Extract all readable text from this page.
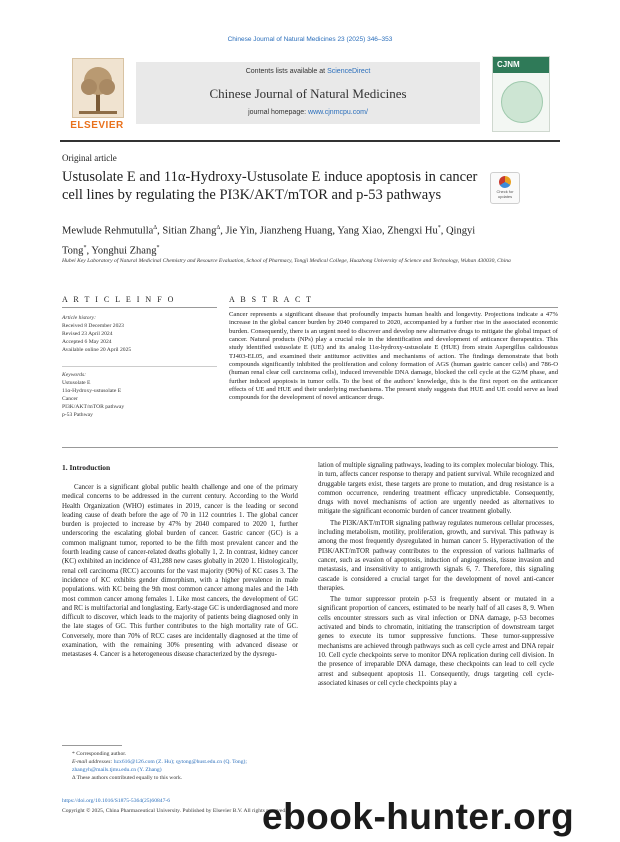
Chinese Journal of Natural Medicines 23 (2025) 346–353
ELSEVIER
Contents lists available at ScienceDirect
Chinese Journal of Natural Medicines
journal homepage: www.cjnmcpu.com/
CJNM
Original article
Ustusolate E and 11α-Hydroxy-Ustusolate E induce apoptosis in cancer cell lines by regulating the PI3K/AKT/mTOR and p-53 pathways	Check for updates
Mewlude Rehmutulla$^\Delta$, Sitian Zhang$^\Delta$, Jie Yin, Jianzheng Huang, Yang Xiao, Zhengxi Hu*, Qingyi Tong*, Yonghui Zhang*
Hubei Key Laboratory of Natural Medicinal Chemistry and Resource Evaluation, School of Pharmacy, Tongji Medical College, Huazhong University of Science and Technology, Wuhan 430030, China
A R T I C L E I N F O	A B S T R A C T
Article history:
Received 8 December 2023
Revised 23 April 2024
Accepted 6 May 2024
Available online 20 April 2025
Keywords:
Ustusolate E
11α-Hydroxy-ustusolate E
Cancer
PI3K/AKT/mTOR pathway
p-53 Pathway
Cancer represents a significant disease that profoundly impacts human health and longevity. Projections indicate a 47% increase in the global cancer burden by 2040 compared to 2020, accompanied by a further rise in the associated economic burden. Consequently, there is an urgent need to discover and develop new alternative drugs to mitigate the global impact of cancer. Natural products (NPs) play a crucial role in the identification and development of anticancer therapeutics. This study identified ustusolate E (UE) and its analog 11α-hydroxy-ustusolate E (HUE) from strain Aspergillus calidoustus TJ403-EL05, and examined their antitumor activities and mechanisms of action. The findings demonstrate that both compounds significantly inhibited the proliferation and colony formation of AGS (human gastric cancer cells) and 786-O (human renal clear cell carcinoma cells), induced irreversible DNA damage, blocked the cell cycle at the G2/M phase, and further induced apoptosis in tumor cells. To the best of the authors' knowledge, this is the first report on the anticancer effects of UE and HUE and their underlying mechanisms. The present study suggests that HUE and UE could serve as lead compounds for the development of novel anticancer drugs.
1. Introduction

Cancer is a significant global public health challenge and one of the primary medical concerns to be addressed in the current century. According to the World Health Organization (WHO) estimates in 2019, cancer is the leading or second leading cause of death before the age of 70 in 112 countries 1. The global cancer burden is projected to increase by 47% by 2040 compared to 2020 1, further underscoring the escalating global burden of cancer. Gastric cancer (GC) is a common malignant tumor, reported to be the fifth most prevalent cancer and the fourth leading cause of cancer-related deaths globally 1, 2. In contrast, kidney cancer (KC) exhibited an incidence of 431,288 new cases globally in 2020 1. Histologically, renal cell carcinoma (RCC) accounts for the vast majority (90%) of KC cases 3. The incidence of KC exhibits gender dimorphism, with a higher prevalence in male populations. with KC being the 9th most common cancer among males and the 14th most common cancer among females 1. Like most cancers, the development of GC and RC is multifactorial and longlasting. Early-stage GC is underdiagnosed and more difficult to discover, which leads to the majority of patients being diagnosed only in the late stages of GC. This further contributes to the high mortality rate of GC. Conversely, more than 70% of RCC cases are incidentally diagnosed at the time of examination, with the remaining 30% presenting with advanced disease or metastases 4. Cancer is a heterogeneous disease characterized by the dysregu-

lation of multiple signaling pathways, leading to its complex molecular biology. This, in turn, affects cancer response to therapy and patient survival. While recognized and druggable targets exist, these targets are prone to mutation, and drug resistance is a common occurrence, rendering treatment efficacy unpredictable. Consequently, drugs with novel mechanisms of action are urgently needed as alternatives to mitigate the significant economic burden of cancer treatment globally.

The PI3K/AKT/mTOR signaling pathway regulates numerous cellular processes, including metabolism, motility, proliferation, growth, and survival. This pathway is among the most frequently dysregulated in human cancer 5. Hyperactivation of the PI3K/AKT/mTOR pathway contributes to the expression of various hallmarks of cancer, such as evasion of apoptosis, induction of angiogenesis, tissue invasion and metastasis, and insensitivity to antigrowth signals 6, 7. Therefore, this signaling cascade is considered a crucial target for the development of novel anti-cancer therapies.

The tumor suppressor protein p-53 is frequently absent or mutated in a significant proportion of cancers, estimated to be nearly half of all cases 8, 9. When cells encounter stressors such as viral infection or DNA damage, p-53 becomes activated and binds to chromatin, initiating the transcription of downstream target genes to execute its tumor suppressive functions. These tumor-suppressive mechanisms are achieved through pathways such as cell cycle arrest and DNA repair 10. Cell cycle checkpoints serve to monitor DNA replication during cell division. In the presence of irreparable DNA damage, these checkpoints can lead to cell cycle arrest and subsequent apoptosis 11. Consequently, drugs targeting cell cycle-associated kinases or cell cycle checkpoints play a

* Corresponding author.
E-mail addresses: hzx616@126.com (Z. Hu); qytong@hust.edu.cn (Q. Tong); zhangyh@mails.tjmu.edu.cn (Y. Zhang)
Δ These authors contributed equally to this work.
https://doi.org/10.1016/S1875-5364(25)60847-6
Copyright © 2025, China Pharmaceutical University. Published by Elsevier B.V. All rights reserved.
ebook-hunter.org
